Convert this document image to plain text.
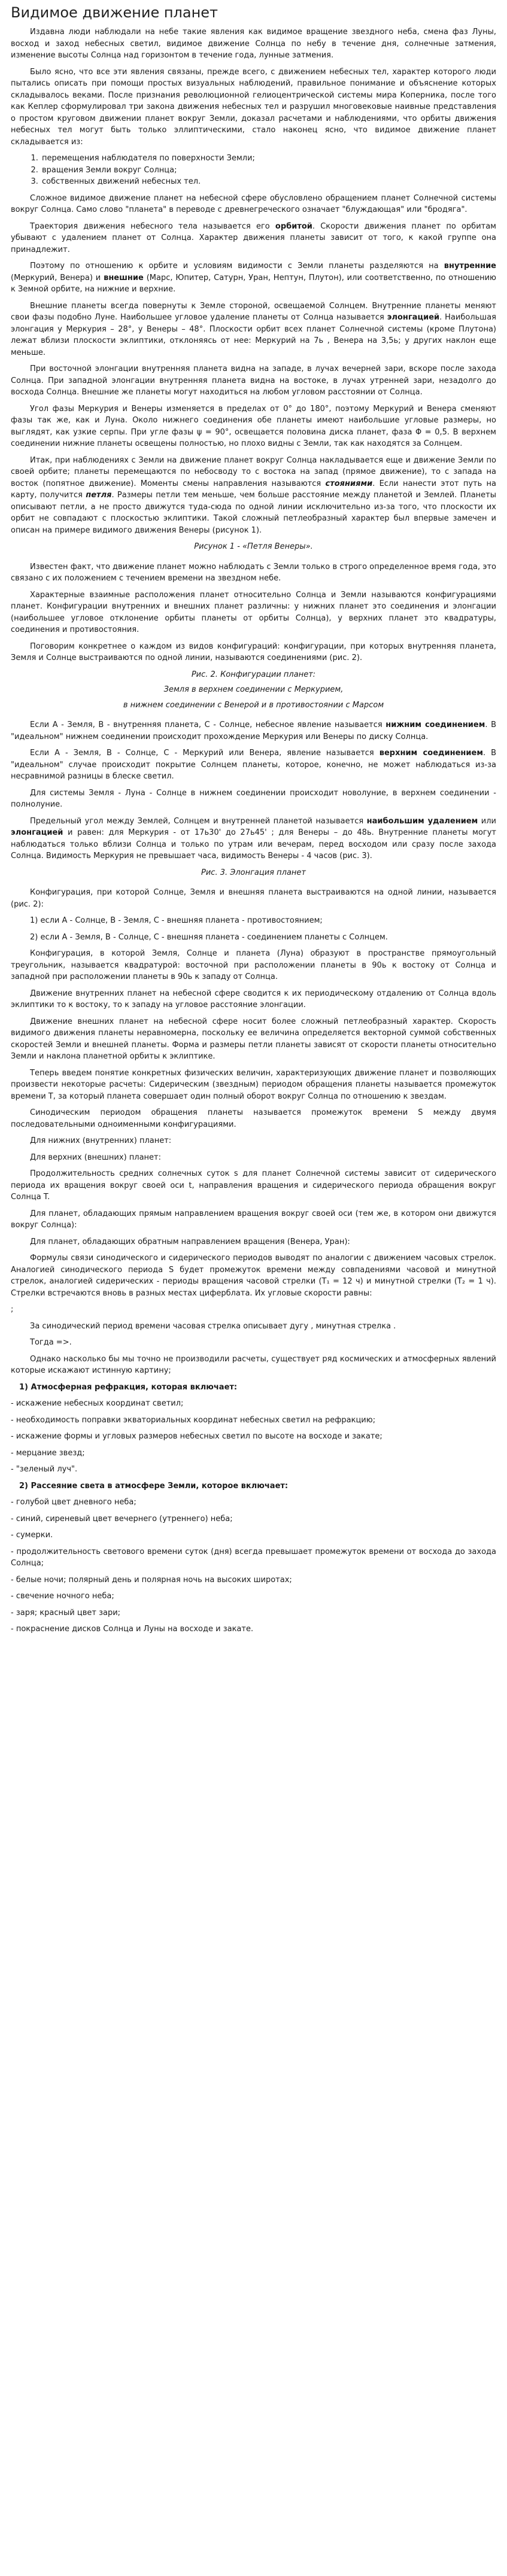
Видимое движение планет

Издавна люди наблюдали на небе такие явления как видимое вращение звездного неба, смена фаз Луны, восход и заход небесных светил, видимое движение Солнца по небу в течение дня, солнечные затмения, изменение высоты Солнца над горизонтом в течение года, лунные затмения.

Было ясно, что все эти явления связаны, прежде всего, с движением небесных тел, характер которого люди пытались описать при помощи простых визуальных наблюдений, правильное понимание и объяснение которых складывалось веками. После признания революционной гелиоцентрической системы мира Коперника, после того как Кеплер сформулировал три закона движения небесных тел и разрушил многовековые наивные представления о простом круговом движении планет вокруг Земли, доказал расчетами и наблюдениями, что орбиты движения небесных тел могут быть только эллиптическими, стало наконец ясно, что видимое движение планет складывается из:

1. перемещения наблюдателя по поверхности Земли;
2. вращения Земли вокруг Солнца;
3. собственных движений небесных тел.

Сложное видимое движение планет на небесной сфере обусловлено обращением планет Солнечной системы вокруг Солнца. Само слово "планета" в переводе с древнегреческого означает "блуждающая" или "бродяга".

Траектория движения небесного тела называется его орбитой. Скорости движения планет по орбитам убывают с удалением планет от Солнца. Характер движения планеты зависит от того, к какой группе она принадлежит.

Поэтому по отношению к орбите и условиям видимости с Земли планеты разделяются на внутренние (Меркурий, Венера) и внешние (Марс, Юпитер, Сатурн, Уран, Нептун, Плутон), или соответственно, по отношению к Земной орбите, на нижние и верхние.

Внешние планеты всегда повернуты к Земле стороной, освещаемой Солнцем. Внутренние планеты меняют свои фазы подобно Луне. Наибольшее угловое удаление планеты от Солнца называется элонгацией. Наибольшая элонгация у Меркурия – 28°, у Венеры – 48°. Плоскости орбит всех планет Солнечной системы (кроме Плутона) лежат вблизи плоскости эклиптики, отклоняясь от нее: Меркурий на 7ь , Венера на 3,5ь; у других наклон еще меньше.

При восточной элонгации внутренняя планета видна на западе, в лучах вечерней зари, вскоре после захода Солнца. При западной элонгации внутренняя планета видна на востоке, в лучах утренней зари, незадолго до восхода Солнца. Внешние же планеты могут находиться на любом угловом расстоянии от Солнца.

Угол фазы Меркурия и Венеры изменяется в пределах от 0° до 180°, поэтому Меркурий и Венера сменяют фазы так же, как и Луна. Около нижнего соединения обе планеты имеют наибольшие угловые размеры, но выглядят, как узкие серпы. При угле фазы ψ = 90°, освещается половина диска планет, фаза Φ = 0,5. В верхнем соединении нижние планеты освещены полностью, но плохо видны с Земли, так как находятся за Солнцем.

Итак, при наблюдениях с Земли на движение планет вокруг Солнца накладывается еще и движение Земли по своей орбите; планеты перемещаются по небосводу то с востока на запад (прямое движение), то с запада на восток (попятное движение). Моменты смены направления называются стояниями. Если нанести этот путь на карту, получится петля. Размеры петли тем меньше, чем больше расстояние между планетой и Землей. Планеты описывают петли, а не просто движутся туда-сюда по одной линии исключительно из-за того, что плоскости их орбит не совпадают с плоскостью эклиптики. Такой сложный петлеобразный характер был впервые замечен и описан на примере видимого движения Венеры (рисунок 1).

Рисунок 1 - «Петля Венеры».

Известен факт, что движение планет можно наблюдать с Земли только в строго определенное время года, это связано с их положением с течением времени на звездном небе.

Характерные взаимные расположения планет относительно Солнца и Земли называются конфигурациями планет. Конфигурации внутренних и внешних планет различны: у нижних планет это соединения и элонгации (наибольшее угловое отклонение орбиты планеты от орбиты Солнца), у верхних планет это квадратуры, соединения и противостояния.

Поговорим конкретнее о каждом из видов конфигураций: конфигурации, при которых внутренняя планета, Земля и Солнце выстраиваются по одной линии, называются соединениями (рис. 2).

Рис. 2. Конфигурации планет:

Земля в верхнем соединении с Меркурием,

в нижнем соединении с Венерой и в противостоянии с Марсом

Если А - Земля, В - внутренняя планета, С - Солнце, небесное явление называется нижним соединением. В "идеальном" нижнем соединении происходит прохождение Меркурия или Венеры по диску Солнца.

Если А - Земля, В - Солнце, С - Меркурий или Венера, явление называется верхним соединением. В "идеальном" случае происходит покрытие Солнцем планеты, которое, конечно, не может наблюдаться из-за несравнимой разницы в блеске светил.

Для системы Земля - Луна - Солнце в нижнем соединении происходит новолуние, в верхнем соединении - полнолуние.

Предельный угол между Землей, Солнцем и внутренней планетой называется наибольшим удалением или элонгацией и равен: для Меркурия - от 17ь30' до 27ь45' ; для Венеры – до 48ь. Внутренние планеты могут наблюдаться только вблизи Солнца и только по утрам или вечерам, перед восходом или сразу после захода Солнца. Видимость Меркурия не превышает часа, видимость Венеры - 4 часов (рис. 3).

Рис. 3. Элонгация планет

Конфигурация, при которой Солнце, Земля и внешняя планета выстраиваются на одной линии, называется (рис. 2):

1) если А - Солнце, В - Земля, С - внешняя планета - противостоянием;

2) если А - Земля, В - Солнце, С - внешняя планета - соединением планеты с Солнцем.

Конфигурация, в которой Земля, Солнце и планета (Луна) образуют в пространстве прямоугольный треугольник, называется квадратурой: восточной при расположении планеты в 90ь к востоку от Солнца и западной при расположении планеты в 90ь к западу от Солнца.

Движение внутренних планет на небесной сфере сводится к их периодическому отдалению от Солнца вдоль эклиптики то к востоку, то к западу на угловое расстояние элонгации.

Движение внешних планет на небесной сфере носит более сложный петлеобразный характер. Скорость видимого движения планеты неравномерна, поскольку ее величина определяется векторной суммой собственных скоростей Земли и внешней планеты. Форма и размеры петли планеты зависят от скорости планеты относительно Земли и наклона планетной орбиты к эклиптике.

Теперь введем понятие конкретных физических величин, характеризующих движение планет и позволяющих произвести некоторые расчеты: Сидерическим (звездным) периодом обращения планеты называется промежуток времени Т, за который планета совершает один полный оборот вокруг Солнца по отношению к звездам.

Синодическим периодом обращения планеты называется промежуток времени S между двумя последовательными одноименными конфигурациями.

Для нижних (внутренних) планет:

Для верхних (внешних) планет:

Продолжительность средних солнечных суток s для планет Солнечной системы зависит от сидерического периода их вращения вокруг своей оси t, направления вращения и сидерического периода обращения вокруг Солнца T.

Для планет, обладающих прямым направлением вращения вокруг своей оси (тем же, в котором они движутся вокруг Солнца):

Для планет, обладающих обратным направлением вращения (Венера, Уран):

Формулы связи синодического и сидерического периодов выводят по аналогии с движением часовых стрелок. Аналогией синодического периода S будет промежуток времени между совпадениями часовой и минутной стрелок, аналогией сидерических - периоды вращения часовой стрелки (T₁ = 12 ч) и минутной стрелки (T₂ = 1 ч). Стрелки встречаются вновь в разных местах циферблата. Их угловые скорости равны:

;

За синодический период времени часовая стрелка описывает дугу , минутная стрелка .

Тогда =>.

Однако насколько бы мы точно не производили расчеты, существует ряд космических и атмосферных явлений которые искажают истинную картину;

1) Атмосферная рефракция, которая включает:

- искажение небесных координат светил;

- необходимость поправки экваториальных координат небесных светил на рефракцию;

- искажение формы и угловых размеров небесных светил по высоте на восходе и закате;

- мерцание звезд;

- "зеленый луч".

2) Рассеяние света в атмосфере Земли, которое включает:

- голубой цвет дневного неба;

- синий, сиреневый цвет вечернего (утреннего) неба;

- сумерки.

- продолжительность светового времени суток (дня) всегда превышает промежуток времени от восхода до захода Солнца;

- белые ночи; полярный день и полярная ночь на высоких широтах;

- свечение ночного неба;

- заря; красный цвет зари;

- покраснение дисков Солнца и Луны на восходе и закате.
